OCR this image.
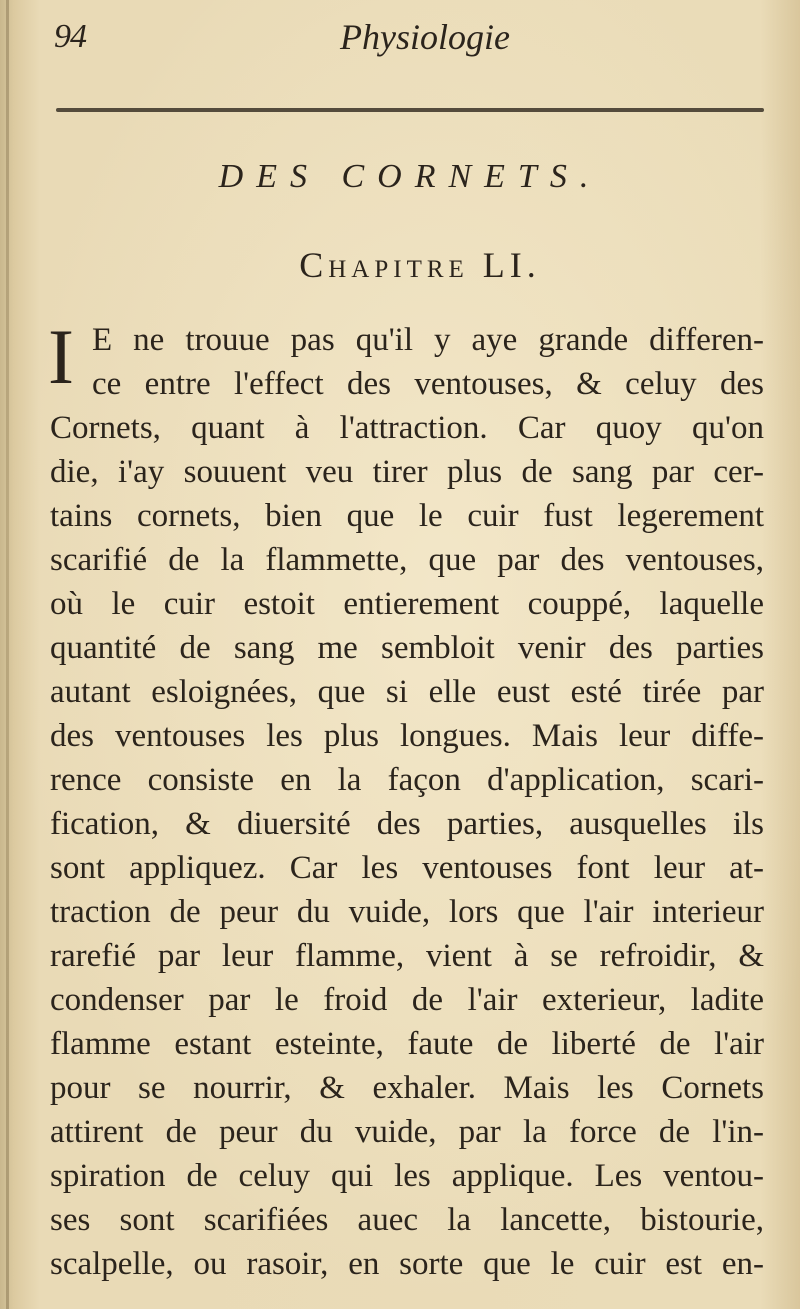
94	Physiologie
DES CORNETS.
Chapitre LI.
I E ne trouue pas qu'il y aye grande differen-
ce entre l'effect des ventouses, & celuy des
Cornets, quant à l'attraction. Car quoy qu'on
die, i'ay souuent veu tirer plus de sang par cer-
tains cornets, bien que le cuir fust legerement
scarifié de la flammette, que par des ventouses,
où le cuir estoit entierement couppé, laquelle
quantité de sang me sembloit venir des parties
autant esloignées, que si elle eust esté tirée par
des ventouses les plus longues. Mais leur diffe-
rence consiste en la façon d'application, scari-
fication, & diuersité des parties, ausquelles ils
sont appliquez. Car les ventouses font leur at-
traction de peur du vuide, lors que l'air interieur
rarefié par leur flamme, vient à se refroidir, &
condenser par le froid de l'air exterieur, ladite
flamme estant esteinte, faute de liberté de l'air
pour se nourrir, & exhaler. Mais les Cornets
attirent de peur du vuide, par la force de l'in-
spiration de celuy qui les applique. Les ventou-
ses sont scarifiées auec la lancette, bistourie,
scalpelle, ou rasoir, en sorte que le cuir est en-
